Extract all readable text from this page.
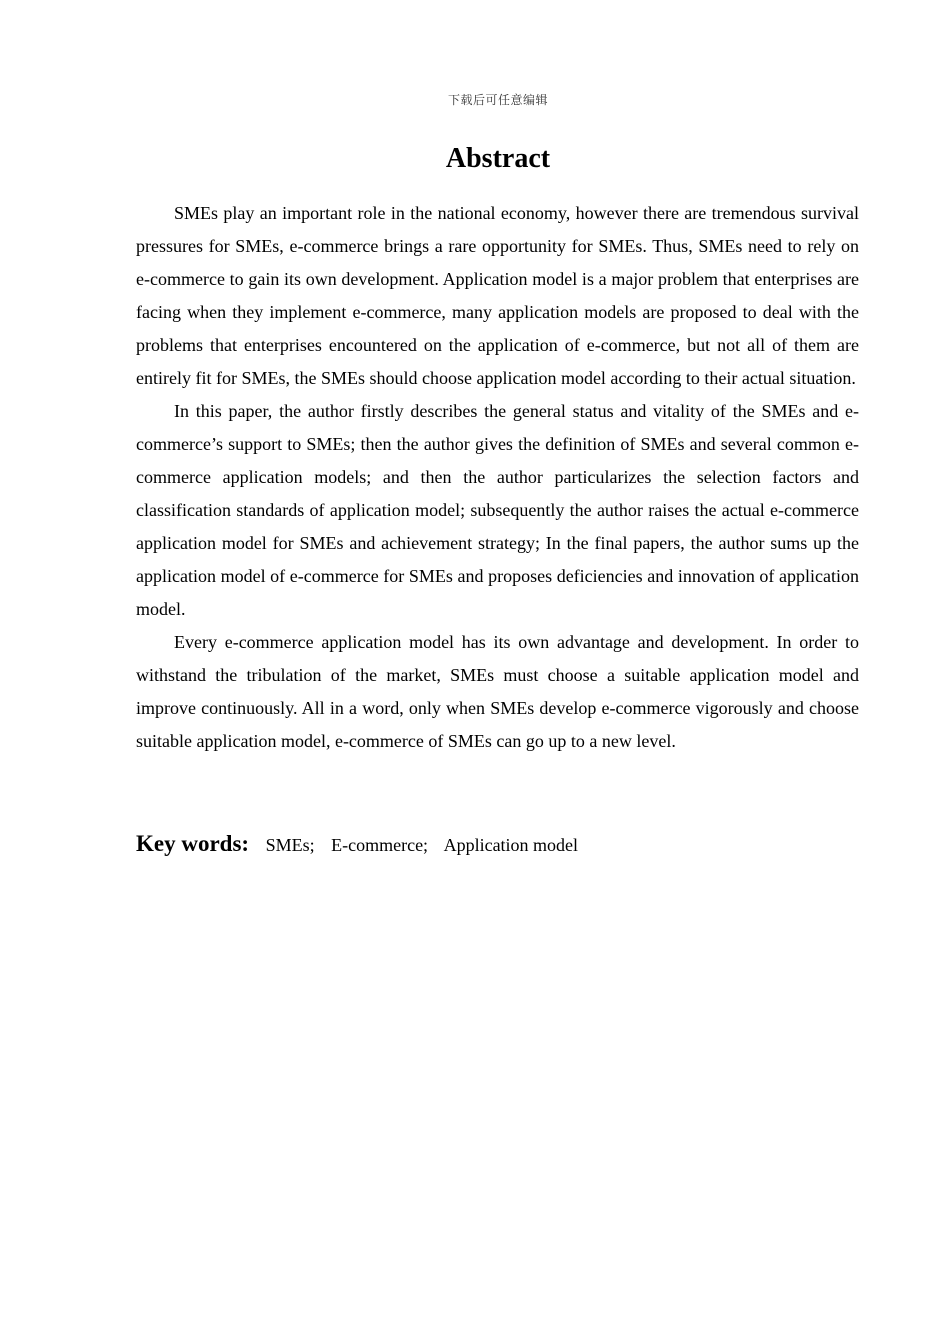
下载后可任意编辑
Abstract

SMEs play an important role in the national economy, however there are tremendous survival pressures for SMEs, e-commerce brings a rare opportunity for SMEs. Thus, SMEs need to rely on e-commerce to gain its own development. Application model is a major problem that enterprises are facing when they implement e-commerce, many application models are proposed to deal with the problems that enterprises encountered on the application of e-commerce, but not all of them are entirely fit for SMEs, the SMEs should choose application model according to their actual situation.

In this paper, the author firstly describes the general status and vitality of the SMEs and e-commerce’s support to SMEs; then the author gives the definition of SMEs and several common e-commerce application models; and then the author particularizes the selection factors and classification standards of application model; subsequently the author raises the actual e-commerce application model for SMEs and achievement strategy; In the final papers, the author sums up the application model of e-commerce for SMEs and proposes deficiencies and innovation of application model.

Every e-commerce application model has its own advantage and development. In order to withstand the tribulation of the market, SMEs must choose a suitable application model and improve continuously. All in a word, only when SMEs develop e-commerce vigorously and choose suitable application model, e-commerce of SMEs can go up to a new level.

Key words: SMEs; E-commerce; Application model
